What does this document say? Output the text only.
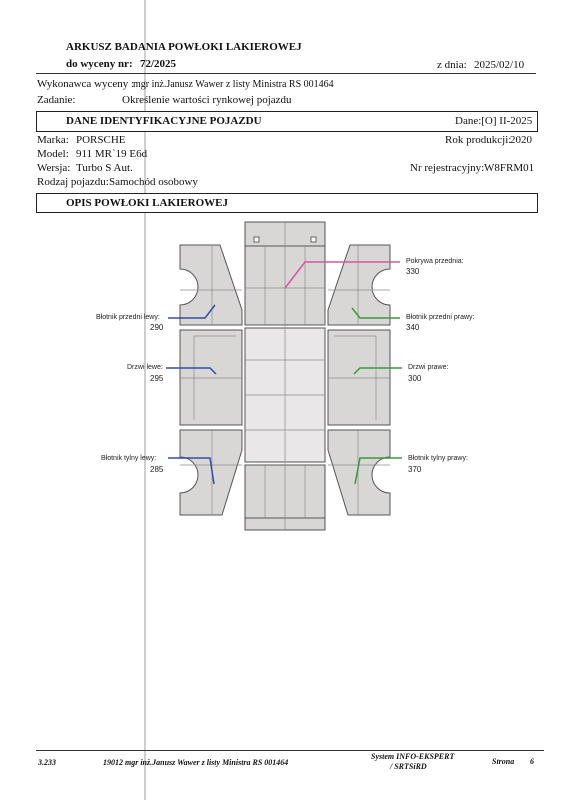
ARKUSZ BADANIA POWŁOKI LAKIEROWEJ
do wyceny nr: 72/2025	z dnia: 2025/02/10
Wykonawca wyceny :
mgr inż.Janusz Wawer z listy Ministra RS 001464
Zadanie:	Określenie wartości rynkowej pojazdu
DANE IDENTYFIKACYJNE POJAZDU	Dane:[O] II-2025
Marka: PORSCHE
Model: 911 MR`19 E6d
Wersja: Turbo S Aut.
Rodzaj pojazdu: Samochód osobowy
Rok produkcji:
2020
Nr rejestracyjny: W8FRM01
OPIS POWŁOKI LAKIEROWEJ
Pokrywa przednia:
330
Błotnik przedni lewy:
290
Błotnik przedni prawy:
340
Drzwi lewe:
295
Drzwi prawe:
300
Błotnik tylny lewy:
285
Błotnik tylny prawy:
370
3.233	19012 mgr inż.Janusz Wawer z listy Ministra RS 001464
System INFO-EKSPERT
/ SRTSiRD
Strona 6
